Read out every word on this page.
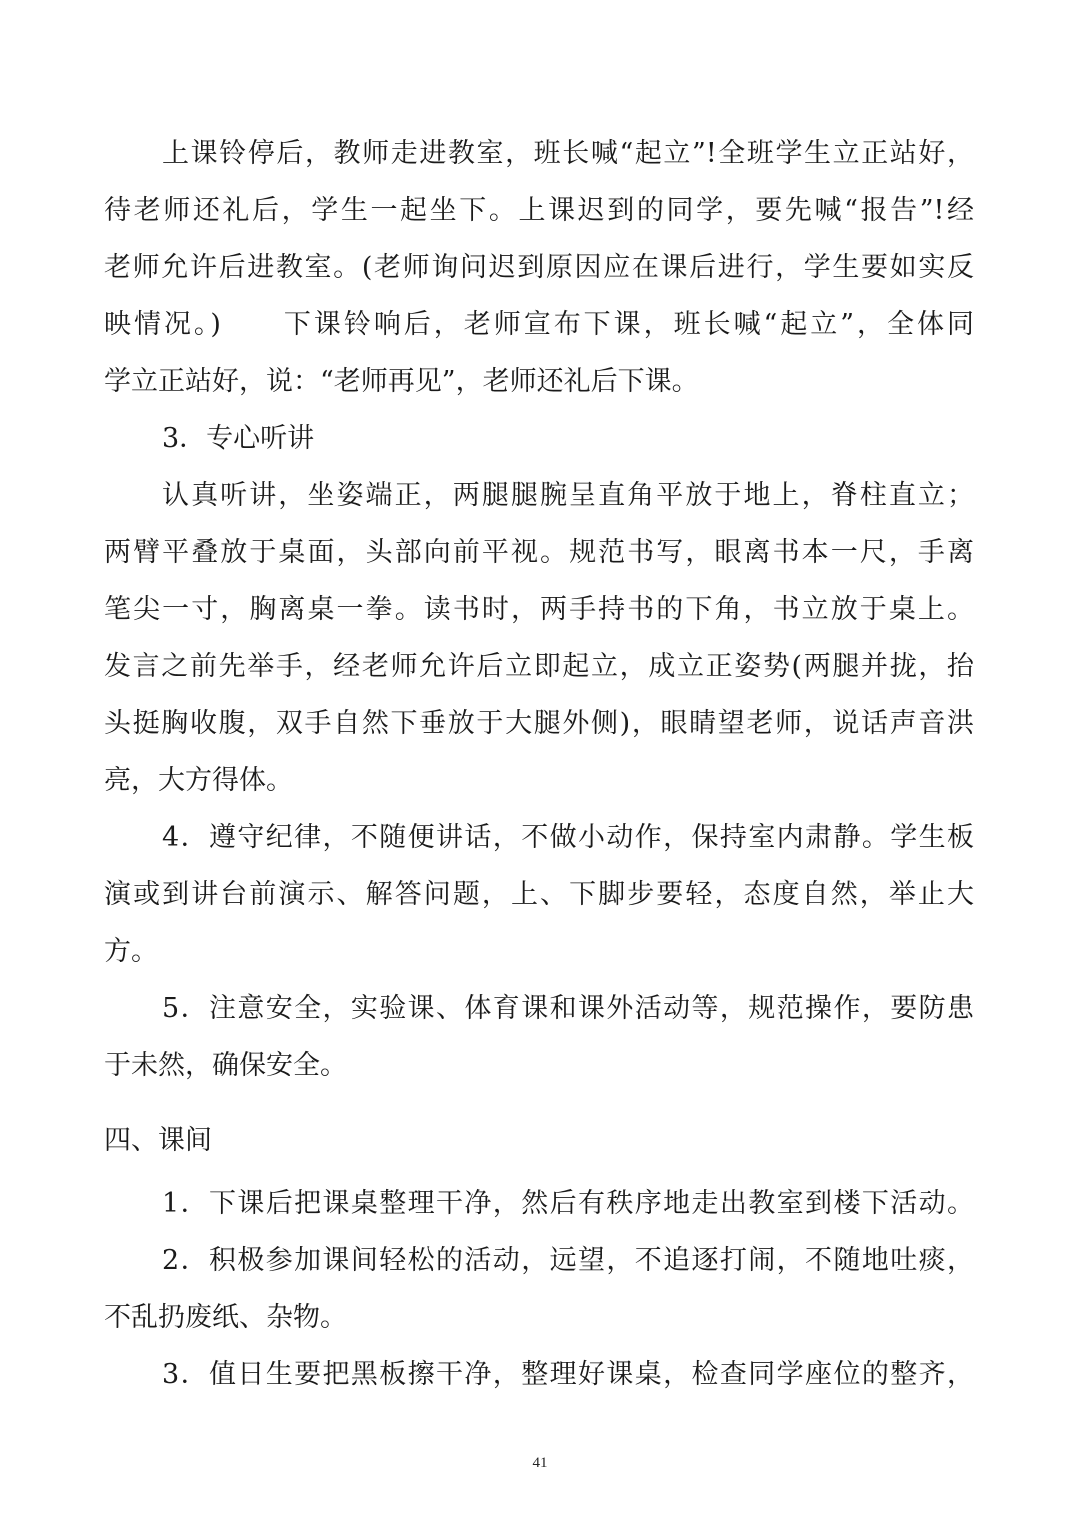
上课铃停后，教师走进教室，班长喊“起立”!全班学生立正站好，
待老师还礼后，学生一起坐下。上课迟到的同学，要先喊“报告”!经
老师允许后进教室。(老师询问迟到原因应在课后进行，学生要如实反
映情况。)　　下课铃响后，老师宣布下课，班长喊“起立”，全体同
学立正站好，说：“老师再见”，老师还礼后下课。
3．专心听讲
认真听讲，坐姿端正，两腿腿腕呈直角平放于地上，脊柱直立；
两臂平叠放于桌面，头部向前平视。规范书写，眼离书本一尺，手离
笔尖一寸，胸离桌一拳。读书时，两手持书的下角，书立放于桌上。
发言之前先举手，经老师允许后立即起立，成立正姿势(两腿并拢，抬
头挺胸收腹，双手自然下垂放于大腿外侧)，眼睛望老师，说话声音洪
亮，大方得体。
4．遵守纪律，不随便讲话，不做小动作，保持室内肃静。学生板
演或到讲台前演示、解答问题，上、下脚步要轻，态度自然，举止大
方。
5．注意安全，实验课、体育课和课外活动等，规范操作，要防患
于未然，确保安全。
四、课间
1．下课后把课桌整理干净，然后有秩序地走出教室到楼下活动。
2．积极参加课间轻松的活动，远望，不追逐打闹，不随地吐痰，
不乱扔废纸、杂物。
3．值日生要把黑板擦干净，整理好课桌，检查同学座位的整齐，
41
